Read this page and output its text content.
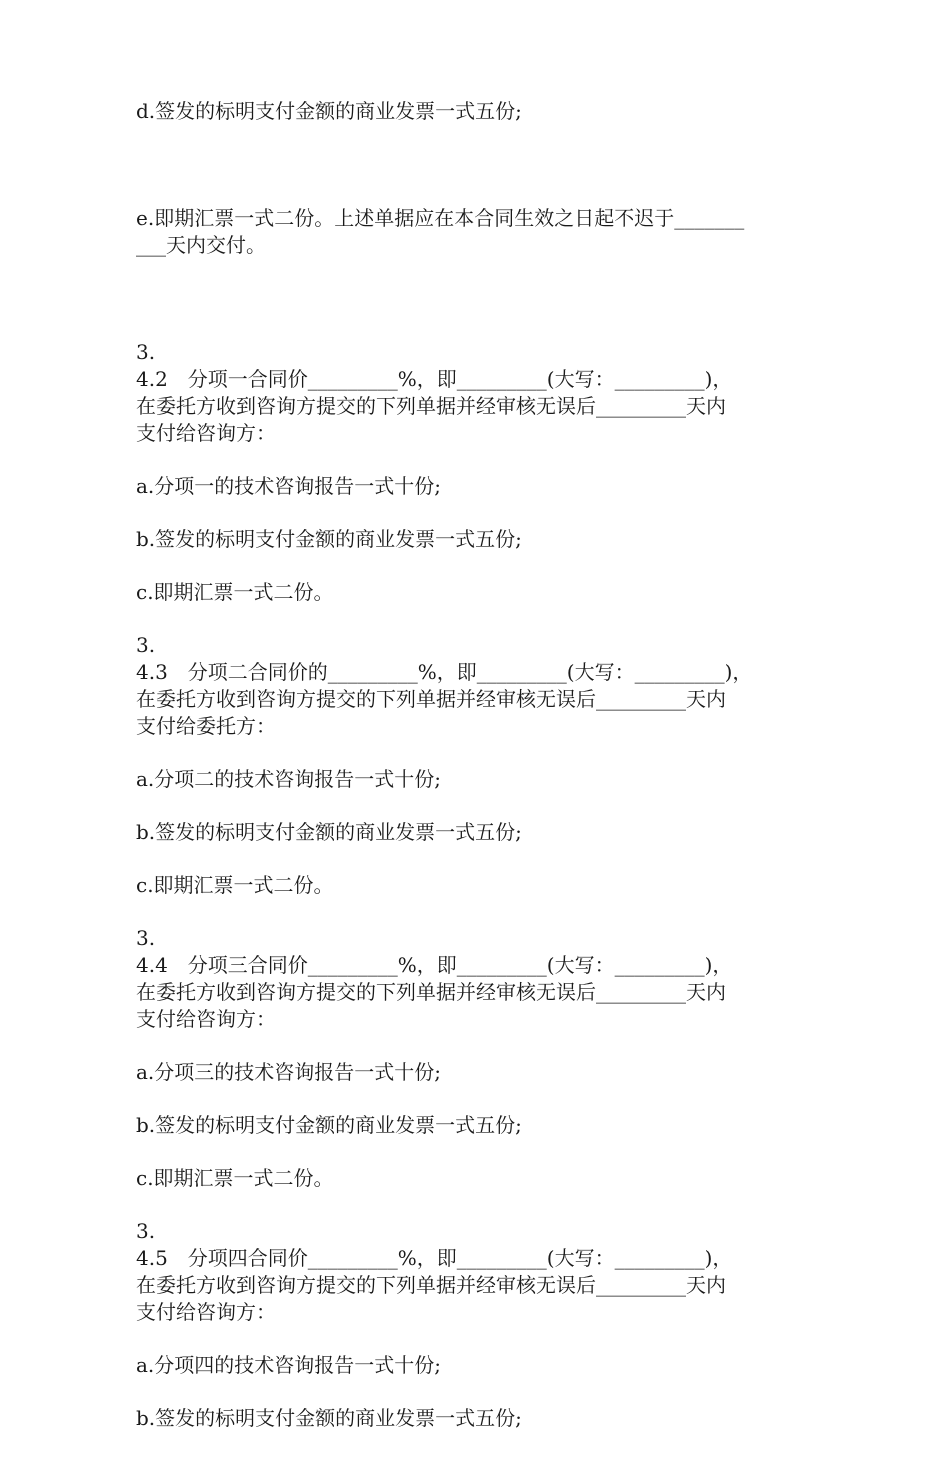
d.签发的标明支付金额的商业发票一式五份;

e.即期汇票一式二份。上述单据应在本合同生效之日起不迟于_______
___天内交付。

3.
4.2　分项一合同价_________%，即_________(大写：_________)，
在委托方收到咨询方提交的下列单据并经审核无误后_________天内
支付给咨询方：

a.分项一的技术咨询报告一式十份;

b.签发的标明支付金额的商业发票一式五份;

c.即期汇票一式二份。

3.
4.3　分项二合同价的_________%，即_________(大写：_________)，
在委托方收到咨询方提交的下列单据并经审核无误后_________天内
支付给委托方：

a.分项二的技术咨询报告一式十份;

b.签发的标明支付金额的商业发票一式五份;

c.即期汇票一式二份。

3.
4.4　分项三合同价_________%，即_________(大写：_________)，
在委托方收到咨询方提交的下列单据并经审核无误后_________天内
支付给咨询方：

a.分项三的技术咨询报告一式十份;

b.签发的标明支付金额的商业发票一式五份;

c.即期汇票一式二份。

3.
4.5　分项四合同价_________%，即_________(大写：_________)，
在委托方收到咨询方提交的下列单据并经审核无误后_________天内
支付给咨询方：

a.分项四的技术咨询报告一式十份;

b.签发的标明支付金额的商业发票一式五份;
